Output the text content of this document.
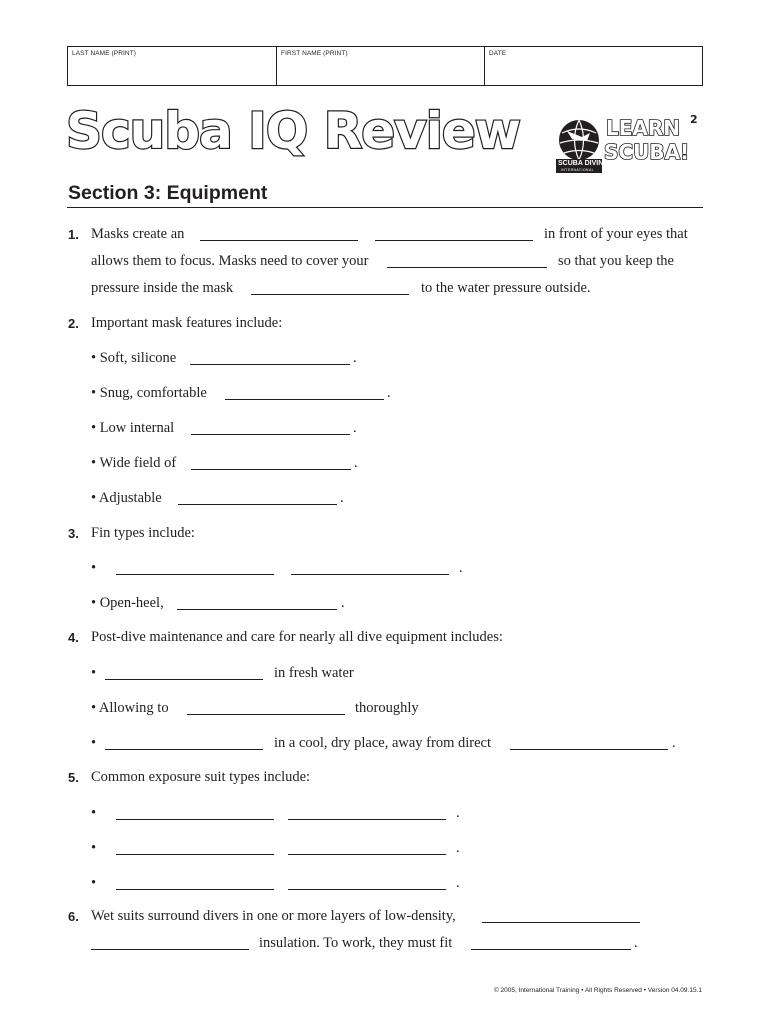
LAST NAME (PRINT)	FIRST NAME (PRINT)	DATE
Scuba IQ Review
SCUBA DIVING
INTERNATIONAL
LEARN 2
SCUBA!
Section 3: Equipment
1. Masks create an	in front of your eyes that
allows them to focus. Masks need to cover your	so that you keep the
pressure inside the mask	to the water pressure outside.
2. Important mask features include:
• Soft, silicone	.
• Snug, comfortable	.
• Low internal	.
• Wide field of	.
• Adjustable	.
3. Fin types include:
•	.
• Open-heel,	.
4. Post-dive maintenance and care for nearly all dive equipment includes:
•	in fresh water
• Allowing to	thoroughly
•	in a cool, dry place, away from direct	.
5. Common exposure suit types include:
•	.
•	.
•	.
6. Wet suits surround divers in one or more layers of low-density,
insulation. To work, they must fit	.
© 2005, International Training • All Rights Reserved • Version 04.09.15.1
